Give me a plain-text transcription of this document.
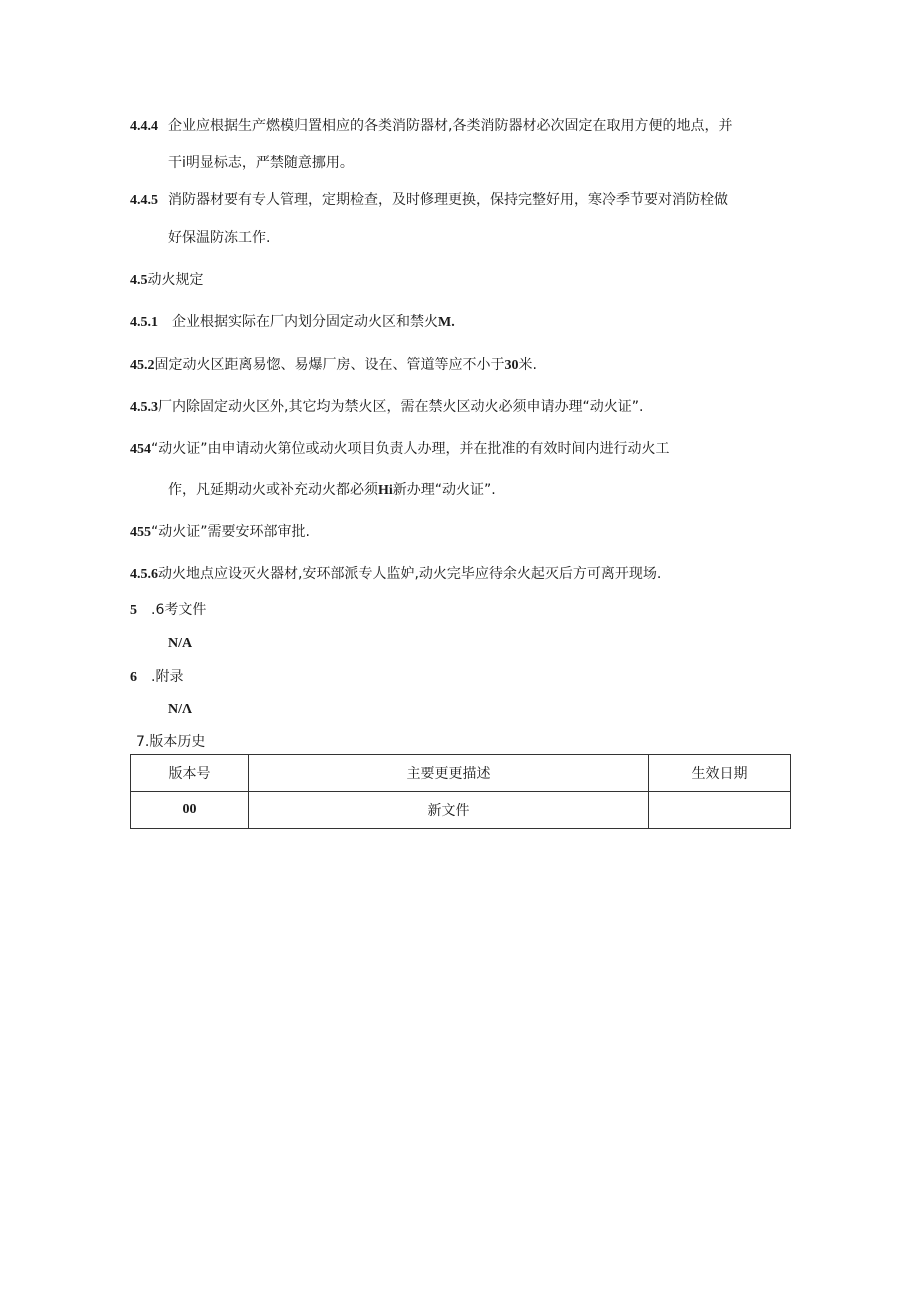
4.4.4 企业应根据生产燃模归置相应的各类消防器材,各类消防器材必次固定在取用方便的地点，并
干i明显标志，严禁随意挪用。
4.4.5 消防器材要有专人管理，定期检查，及时修理更换，保持完整好用，寒冷季节要对消防栓做
好保温防冻工作.
4.5动火规定
4.5.1 企业根据实际在厂内划分固定动火区和禁火M.
45.2固定动火区距离易惚、易爆厂房、设在、管道等应不小于30米.
4.5.3厂内除固定动火区外,其它均为禁火区，需在禁火区动火必须申请办理“动火证”.
454“动火证”由申请动火第位或动火项目负责人办理，并在批准的有效时间内进行动火工
作，凡延期动火或补充动火都必须Hi新办理“动火证”.
455“动火证”需要安环部审批.
4.5.6动火地点应设灭火器材,安环部派专人监妒,动火完毕应待余火起灭后方可离开现场.
5 .6考文件
N/A
6 .附录
N/Λ
7.版本历史
版本号	主要更更描述	生效日期
00	新文件	
